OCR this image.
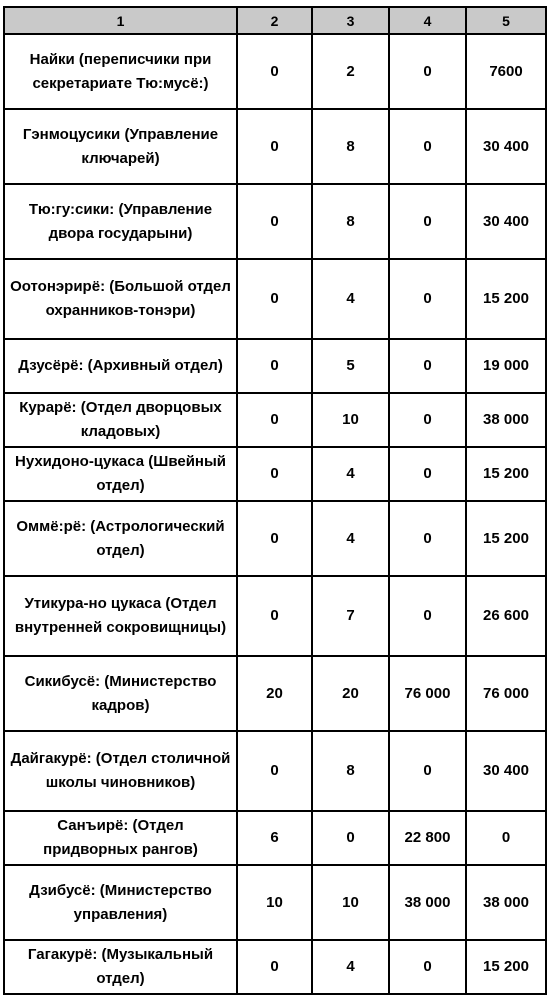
1	2	3	4	5
Найки (переписчики при секретариате Тю:мусё:)	0	2	0	7600
Гэнмоцусики (Управление ключарей)	0	8	0	30 400
Тю:гу:сики: (Управление двора государыни)	0	8	0	30 400
Оотонэрирё: (Большой отдел охранников-тонэри)	0	4	0	15 200
Дзусёрё: (Архивный отдел)	0	5	0	19 000
Курарё: (Отдел дворцовых кладовых)	0	10	0	38 000
Нухидоно-цукаса (Швейный отдел)	0	4	0	15 200
Оммё:рё: (Астрологический отдел)	0	4	0	15 200
Утикура-но цукаса (Отдел внутренней сокровищницы)	0	7	0	26 600
Сикибусё: (Министерство кадров)	20	20	76 000	76 000
Дайгакурё: (Отдел столичной школы чиновников)	0	8	0	30 400
Санъирё: (Отдел придворных рангов)	6	0	22 800	0
Дзибусё: (Министерство управления)	10	10	38 000	38 000
Гагакурё: (Музыкальный отдел)	0	4	0	15 200
